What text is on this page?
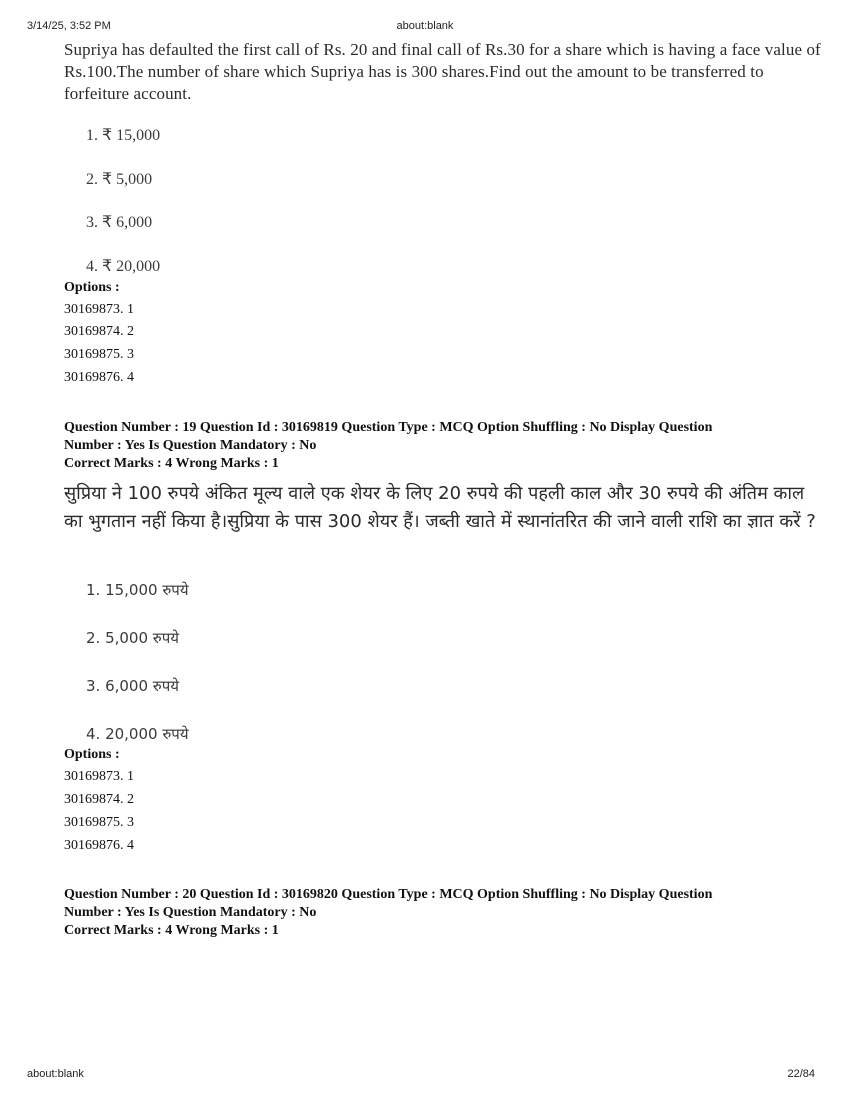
3/14/25, 3:52 PM	about:blank
Supriya has defaulted the first call of Rs. 20 and final call of Rs.30 for a share which is having a face value of Rs.100.The number of share which Supriya has is 300 shares.Find out the amount to be transferred to forfeiture account.
1. ₹ 15,000
2. ₹ 5,000
3. ₹ 6,000
4. ₹ 20,000
Options :
30169873. 1
30169874. 2
30169875. 3
30169876. 4
Question Number : 19 Question Id : 30169819 Question Type : MCQ Option Shuffling : No Display Question
Number : Yes Is Question Mandatory : No
Correct Marks : 4 Wrong Marks : 1
सुप्रिया ने 100 रुपये अंकित मूल्य वाले एक शेयर के लिए 20 रुपये की पहली काल और 30 रुपये की अंतिम काल का भुगतान नहीं किया है।सुप्रिया के पास 300 शेयर हैं। जब्ती खाते में स्थानांतरित की जाने वाली राशि का ज्ञात करें ?
1. 15,000 रुपये
2. 5,000 रुपये
3. 6,000 रुपये
4. 20,000 रुपये
Options :
30169873. 1
30169874. 2
30169875. 3
30169876. 4
Question Number : 20 Question Id : 30169820 Question Type : MCQ Option Shuffling : No Display Question
Number : Yes Is Question Mandatory : No
Correct Marks : 4 Wrong Marks : 1
about:blank	22/84
